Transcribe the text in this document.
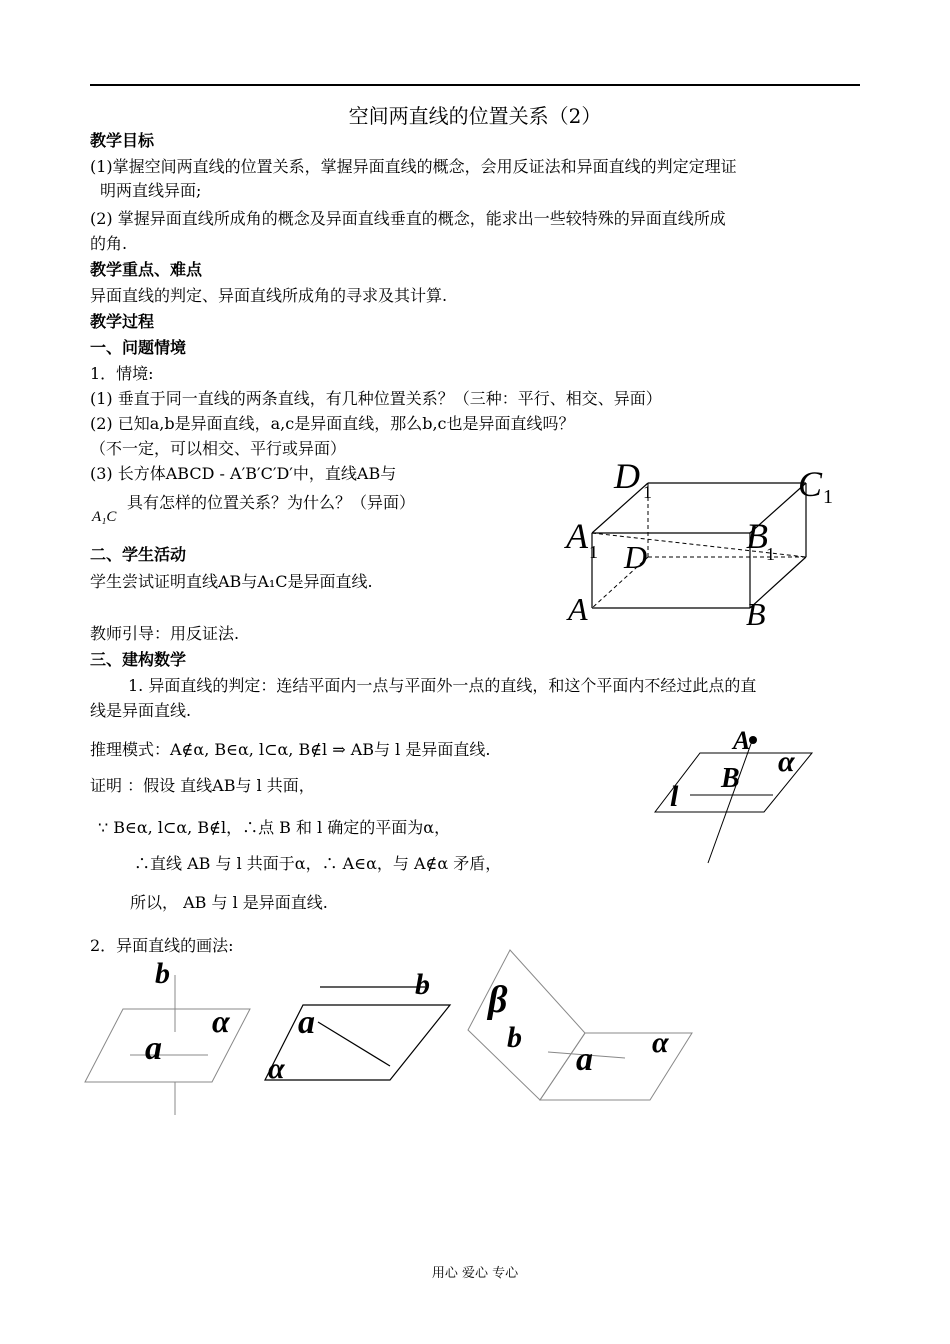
空间两直线的位置关系（2）
教学目标
(1)掌握空间两直线的位置关系，掌握异面直线的概念，会用反证法和异面直线的判定定理证
明两直线异面;
(2) 掌握异面直线所成角的概念及异面直线垂直的概念，能求出一些较特殊的异面直线所成
的角.
教学重点、难点
异面直线的判定、异面直线所成角的寻求及其计算.
教学过程
一、问题情境
1．情境:
(1) 垂直于同一直线的两条直线，有几种位置关系？（三种：平行、相交、异面）
(2) 已知a,b是异面直线，a,c是异面直线，那么b,c也是异面直线吗？
（不一定，可以相交、平行或异面）
(3) 长方体ABCD - A′B′C′D′中，直线AB与
A₁C
具有怎样的位置关系？为什么？（异面）
二、学生活动
学生尝试证明直线AB与A₁C是异面直线.
教师引导：用反证法.
三、建构数学
1. 异面直线的判定：连结平面内一点与平面外一点的直线，和这个平面内不经过此点的直
线是异面直线.
推理模式：A∉α, B∈α, l⊂α, B∉l ⇒ AB与 l 是异面直线.
证明 ：假设 直线AB与 l 共面，
∵ B∈α, l⊂α, B∉l，∴点 B 和 l 确定的平面为α，
∴直线 AB 与 l 共面于α，∴ A∈α，与 A∉α 矛盾，
所以， AB 与 l 是异面直线.
2．异面直线的画法:
D 1	C 1
A 1	B
1
D
A	B
A
B
α
l
b
a
α
b
a
α
β
b
a α
用心 爱心 专心
